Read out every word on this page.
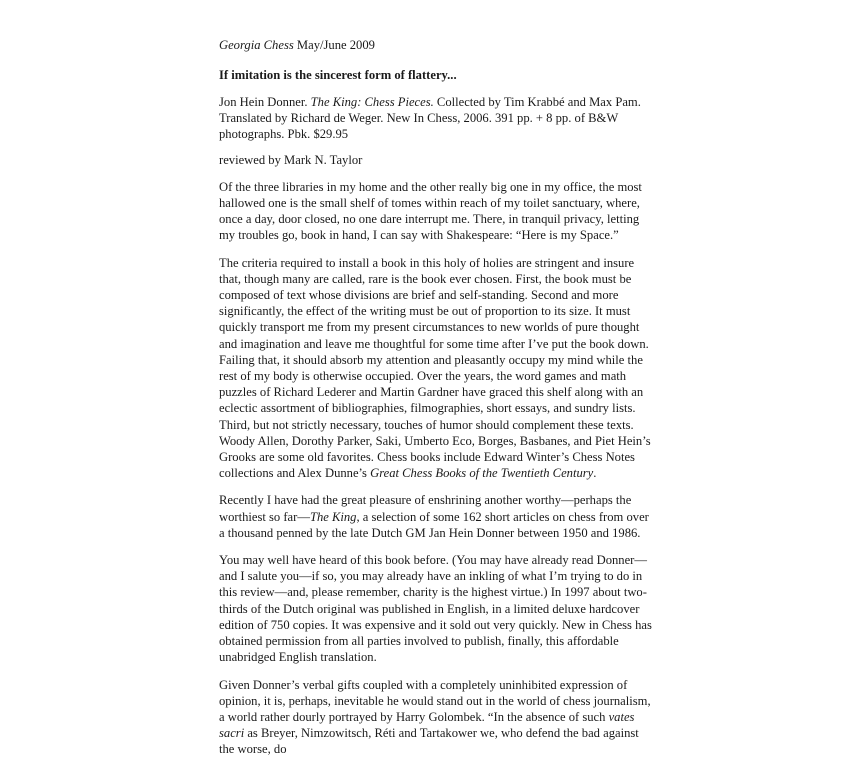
Georgia Chess May/June 2009

If imitation is the sincerest form of flattery...

Jon Hein Donner. The King: Chess Pieces. Collected by Tim Krabbé and Max Pam. Translated by Richard de Weger. New In Chess, 2006. 391 pp. + 8 pp. of B&W photographs. Pbk. $29.95

reviewed by Mark N. Taylor

Of the three libraries in my home and the other really big one in my office, the most hallowed one is the small shelf of tomes within reach of my toilet sanctuary, where, once a day, door closed, no one dare interrupt me. There, in tranquil privacy, letting my troubles go, book in hand, I can say with Shakespeare: “Here is my Space.”

The criteria required to install a book in this holy of holies are stringent and insure that, though many are called, rare is the book ever chosen. First, the book must be composed of text whose divisions are brief and self-standing. Second and more significantly, the effect of the writing must be out of proportion to its size. It must quickly transport me from my present circumstances to new worlds of pure thought and imagination and leave me thoughtful for some time after I’ve put the book down. Failing that, it should absorb my attention and pleasantly occupy my mind while the rest of my body is otherwise occupied. Over the years, the word games and math puzzles of Richard Lederer and Martin Gardner have graced this shelf along with an eclectic assortment of bibliographies, filmographies, short essays, and sundry lists. Third, but not strictly necessary, touches of humor should complement these texts. Woody Allen, Dorothy Parker, Saki, Umberto Eco, Borges, Basbanes, and Piet Hein’s Grooks are some old favorites. Chess books include Edward Winter’s Chess Notes collections and Alex Dunne’s Great Chess Books of the Twentieth Century.

Recently I have had the great pleasure of enshrining another worthy—perhaps the worthiest so far—The King, a selection of some 162 short articles on chess from over a thousand penned by the late Dutch GM Jan Hein Donner between 1950 and 1986.

You may well have heard of this book before. (You may have already read Donner—and I salute you—if so, you may already have an inkling of what I’m trying to do in this review—and, please remember, charity is the highest virtue.) In 1997 about two-thirds of the Dutch original was published in English, in a limited deluxe hardcover edition of 750 copies. It was expensive and it sold out very quickly. New in Chess has obtained permission from all parties involved to publish, finally, this affordable unabridged English translation.

Given Donner’s verbal gifts coupled with a completely uninhibited expression of opinion, it is, perhaps, inevitable he would stand out in the world of chess journalism, a world rather dourly portrayed by Harry Golombek. “In the absence of such vates sacri as Breyer, Nimzowitsch, Réti and Tartakower we, who defend the bad against the worse, do
